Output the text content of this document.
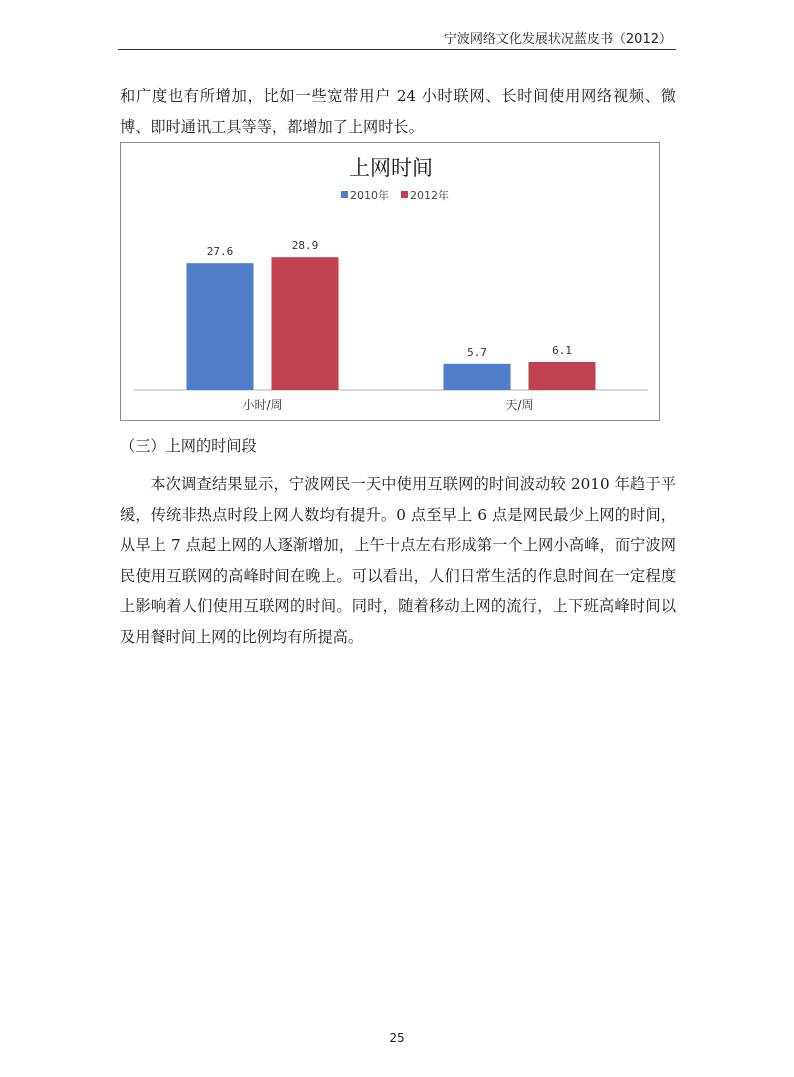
宁波网络文化发展状况蓝皮书（2012）

和广度也有所增加，比如一些宽带用户 24 小时联网、长时间使用网络视频、微博、即时通讯工具等等，都增加了上网时长。

上网时间
2010年 2012年
27.6	28.9
小时/周
5.7	6.1
天/周
（三）上网的时间段

本次调查结果显示，宁波网民一天中使用互联网的时间波动较 2010 年趋于平缓，传统非热点时段上网人数均有提升。0 点至早上 6 点是网民最少上网的时间，从早上 7 点起上网的人逐渐增加，上午十点左右形成第一个上网小高峰，而宁波网民使用互联网的高峰时间在晚上。可以看出，人们日常生活的作息时间在一定程度上影响着人们使用互联网的时间。同时，随着移动上网的流行，上下班高峰时间以及用餐时间上网的比例均有所提高。

25
